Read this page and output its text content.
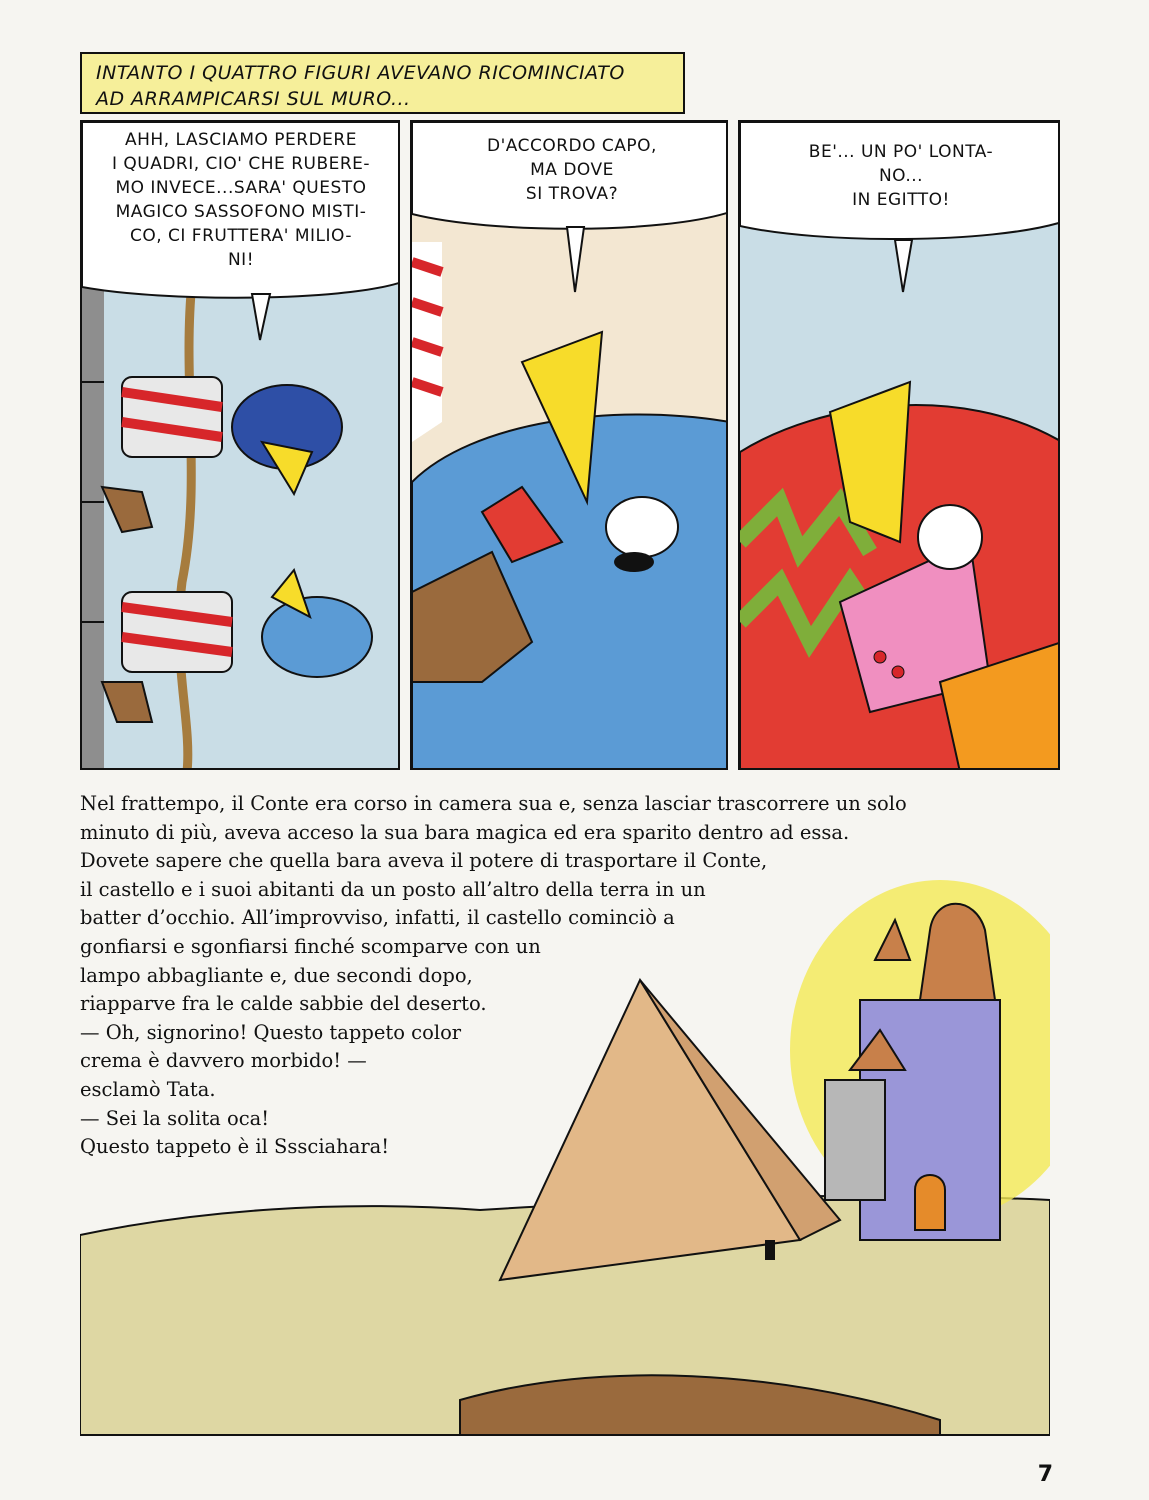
INTANTO I QUATTRO FIGURI AVEVANO RICOMINCIATO
AD ARRAMPICARSI SUL MURO...
AHH, LASCIAMO PERDERE
I QUADRI, CIO' CHE RUBERE-
MO INVECE...SARA' QUESTO
MAGICO SASSOFONO MISTI-
CO, CI FRUTTERA' MILIO-
NI!
D'ACCORDO CAPO,
MA DOVE
SI TROVA?
BE'... UN PO' LONTA-
NO...
IN EGITTO!
Nel frattempo, il Conte era corso in camera sua e, senza lasciar trascorrere un solo
minuto di più, aveva acceso la sua bara magica ed era sparito dentro ad essa.
Dovete sapere che quella bara aveva il potere di trasportare il Conte,
il castello e i suoi abitanti da un posto all’altro della terra in un
batter d’occhio. All’improvviso, infatti, il castello cominciò a
gonfiarsi e sgonfiarsi finché scomparve con un
lampo abbagliante e, due secondi dopo,
riapparve fra le calde sabbie del deserto.
— Oh, signorino! Questo tappeto color
crema è davvero morbido! —
esclamò Tata.
— Sei la solita oca!
Questo tappeto è il Sssciahara!
7
